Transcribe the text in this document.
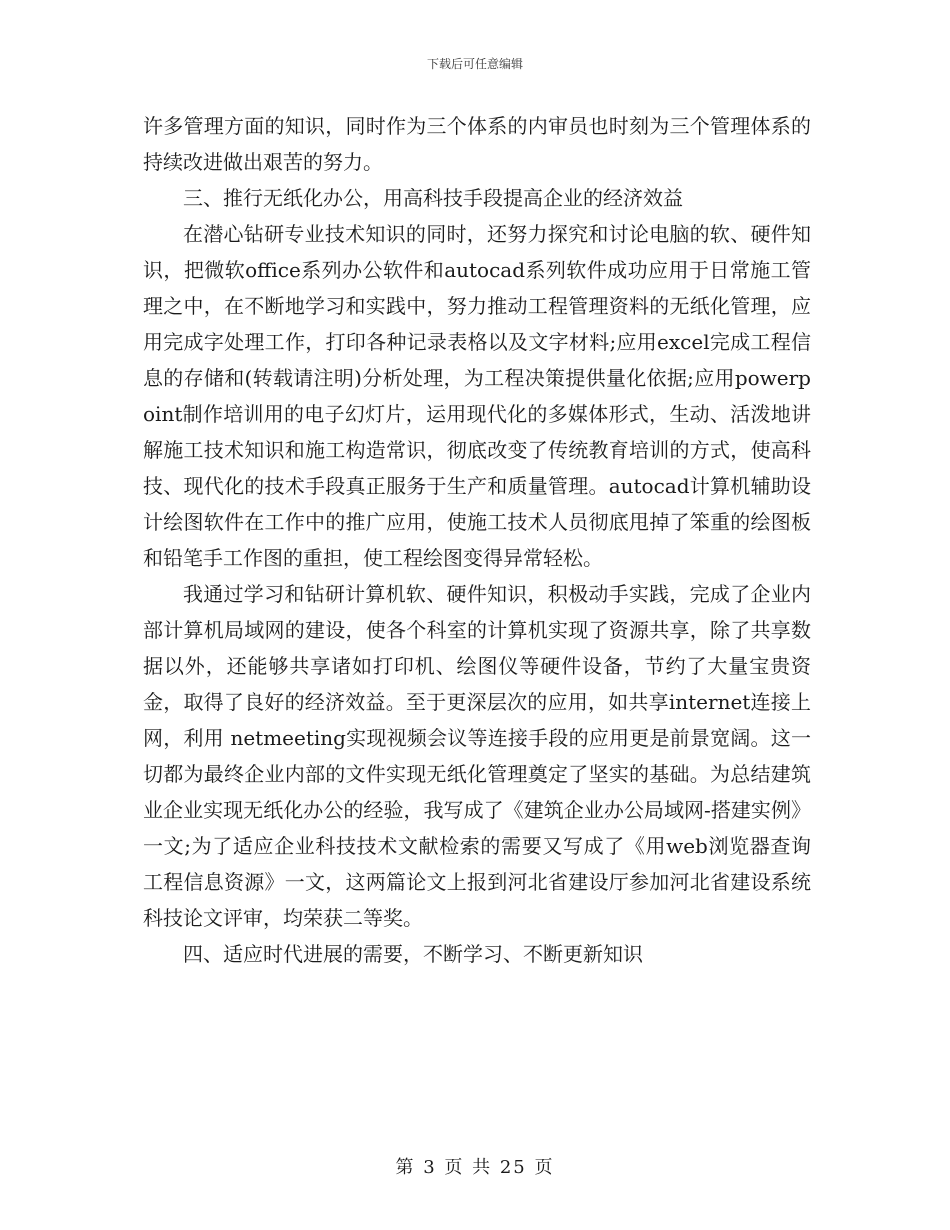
下载后可任意编辑

许多管理方面的知识，同时作为三个体系的内审员也时刻为三个管理体系的持续改进做出艰苦的努力。

三、推行无纸化办公，用高科技手段提高企业的经济效益

在潜心钻研专业技术知识的同时，还努力探究和讨论电脑的软、硬件知识，把微软office系列办公软件和autocad系列软件成功应用于日常施工管理之中，在不断地学习和实践中，努力推动工程管理资料的无纸化管理，应用完成字处理工作，打印各种记录表格以及文字材料;应用excel完成工程信息的存储和(转载请注明)分析处理，为工程决策提供量化依据;应用powerpoint制作培训用的电子幻灯片，运用现代化的多媒体形式，生动、活泼地讲解施工技术知识和施工构造常识，彻底改变了传统教育培训的方式，使高科技、现代化的技术手段真正服务于生产和质量管理。autocad计算机辅助设计绘图软件在工作中的推广应用，使施工技术人员彻底甩掉了笨重的绘图板和铅笔手工作图的重担，使工程绘图变得异常轻松。

我通过学习和钻研计算机软、硬件知识，积极动手实践，完成了企业内部计算机局域网的建设，使各个科室的计算机实现了资源共享，除了共享数据以外，还能够共享诸如打印机、绘图仪等硬件设备，节约了大量宝贵资金，取得了良好的经济效益。至于更深层次的应用，如共享internet连接上网，利用 netmeeting实现视频会议等连接手段的应用更是前景宽阔。这一切都为最终企业内部的文件实现无纸化管理奠定了坚实的基础。为总结建筑业企业实现无纸化办公的经验，我写成了《建筑企业办公局域网-搭建实例》一文;为了适应企业科技技术文献检索的需要又写成了《用web浏览器查询工程信息资源》一文，这两篇论文上报到河北省建设厅参加河北省建设系统科技论文评审，均荣获二等奖。

四、适应时代进展的需要，不断学习、不断更新知识

第 3 页 共 25 页
